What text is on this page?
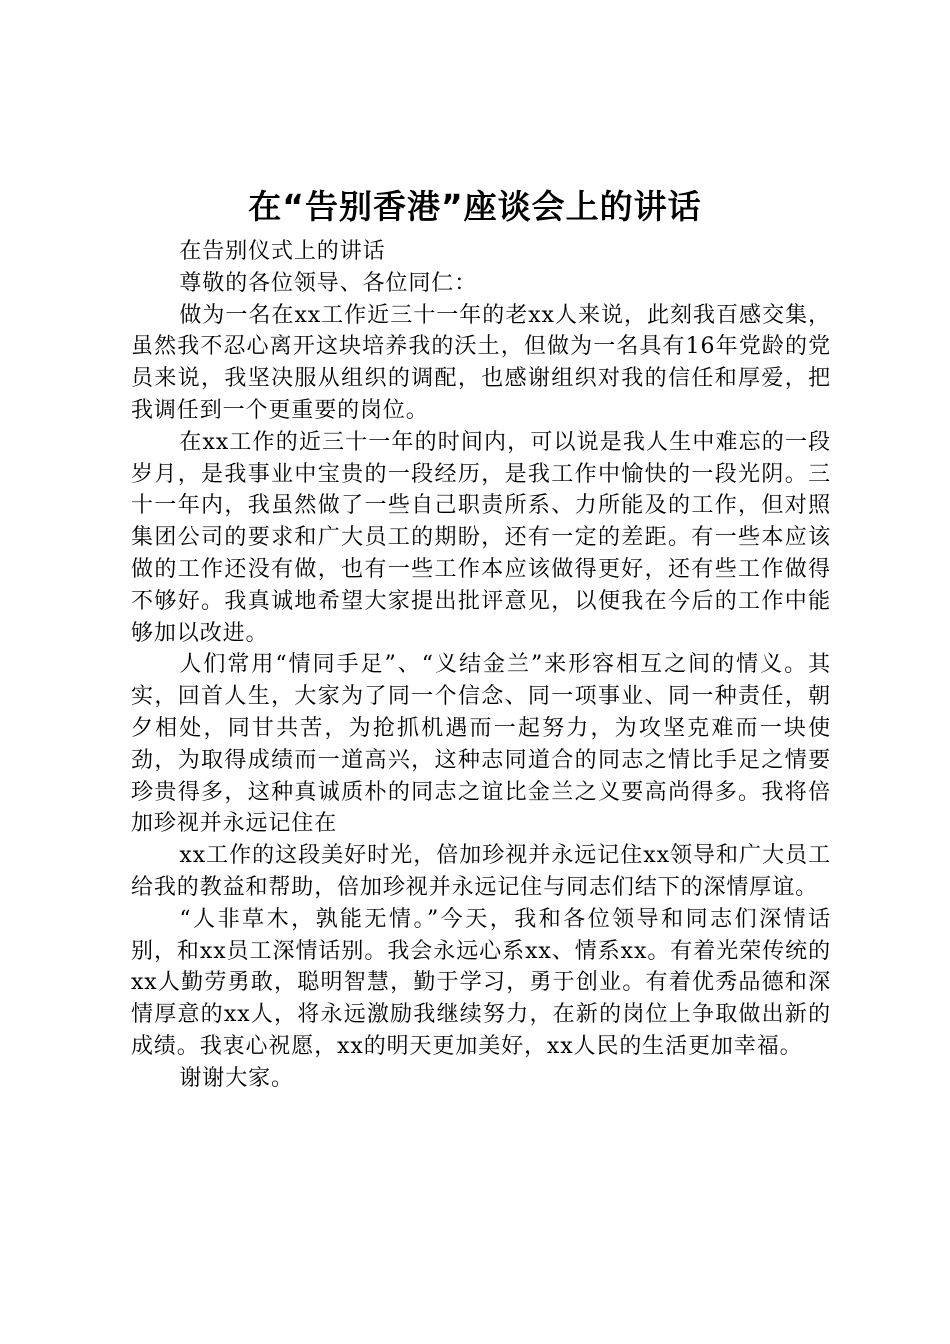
在“告别香港”座谈会上的讲话

在告别仪式上的讲话

尊敬的各位领导、各位同仁：

做为一名在xx工作近三十一年的老xx人来说，此刻我百感交集，虽然我不忍心离开这块培养我的沃土，但做为一名具有16年党龄的党员来说，我坚决服从组织的调配，也感谢组织对我的信任和厚爱，把我调任到一个更重要的岗位。

在xx工作的近三十一年的时间内，可以说是我人生中难忘的一段岁月，是我事业中宝贵的一段经历，是我工作中愉快的一段光阴。三十一年内，我虽然做了一些自己职责所系、力所能及的工作，但对照集团公司的要求和广大员工的期盼，还有一定的差距。有一些本应该做的工作还没有做，也有一些工作本应该做得更好，还有些工作做得不够好。我真诚地希望大家提出批评意见，以便我在今后的工作中能够加以改进。

人们常用“情同手足”、“义结金兰”来形容相互之间的情义。其实，回首人生，大家为了同一个信念、同一项事业、同一种责任，朝夕相处，同甘共苦，为抢抓机遇而一起努力，为攻坚克难而一块使劲，为取得成绩而一道高兴，这种志同道合的同志之情比手足之情要珍贵得多，这种真诚质朴的同志之谊比金兰之义要高尚得多。我将倍加珍视并永远记住在

xx工作的这段美好时光，倍加珍视并永远记住xx领导和广大员工给我的教益和帮助，倍加珍视并永远记住与同志们结下的深情厚谊。

“人非草木，孰能无情。”今天，我和各位领导和同志们深情话别，和xx员工深情话别。我会永远心系xx、情系xx。有着光荣传统的xx人勤劳勇敢，聪明智慧，勤于学习，勇于创业。有着优秀品德和深情厚意的xx人，将永远激励我继续努力，在新的岗位上争取做出新的成绩。我衷心祝愿，xx的明天更加美好，xx人民的生活更加幸福。

谢谢大家。
